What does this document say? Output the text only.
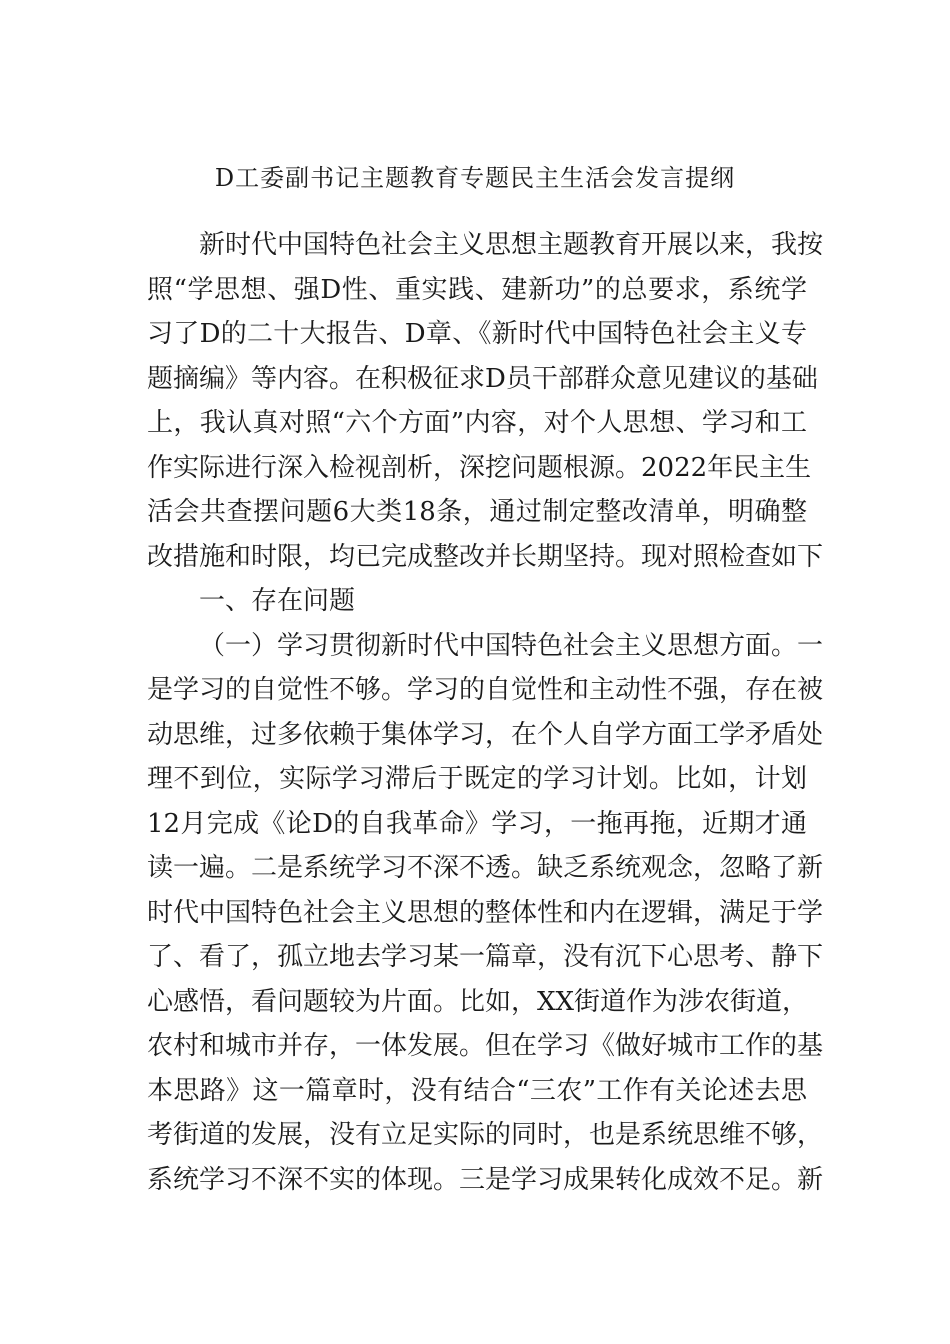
D工委副书记主题教育专题民主生活会发言提纲
新时代中国特色社会主义思想主题教育开展以来，我按
照“学思想、强D性、重实践、建新功”的总要求，系统学
习了D的二十大报告、D章、《新时代中国特色社会主义专
题摘编》等内容。在积极征求D员干部群众意见建议的基础
上，我认真对照“六个方面”内容，对个人思想、学习和工
作实际进行深入检视剖析，深挖问题根源。2022年民主生
活会共查摆问题6大类18条，通过制定整改清单，明确整
改措施和时限，均已完成整改并长期坚持。现对照检查如下
一、存在问题
（一）学习贯彻新时代中国特色社会主义思想方面。一
是学习的自觉性不够。学习的自觉性和主动性不强，存在被
动思维，过多依赖于集体学习，在个人自学方面工学矛盾处
理不到位，实际学习滞后于既定的学习计划。比如，计划
12月完成《论D的自我革命》学习，一拖再拖，近期才通
读一遍。二是系统学习不深不透。缺乏系统观念，忽略了新
时代中国特色社会主义思想的整体性和内在逻辑，满足于学
了、看了，孤立地去学习某一篇章，没有沉下心思考、静下
心感悟，看问题较为片面。比如，XX街道作为涉农街道，
农村和城市并存，一体发展。但在学习《做好城市工作的基
本思路》这一篇章时，没有结合“三农”工作有关论述去思
考街道的发展，没有立足实际的同时，也是系统思维不够，
系统学习不深不实的体现。三是学习成果转化成效不足。新
